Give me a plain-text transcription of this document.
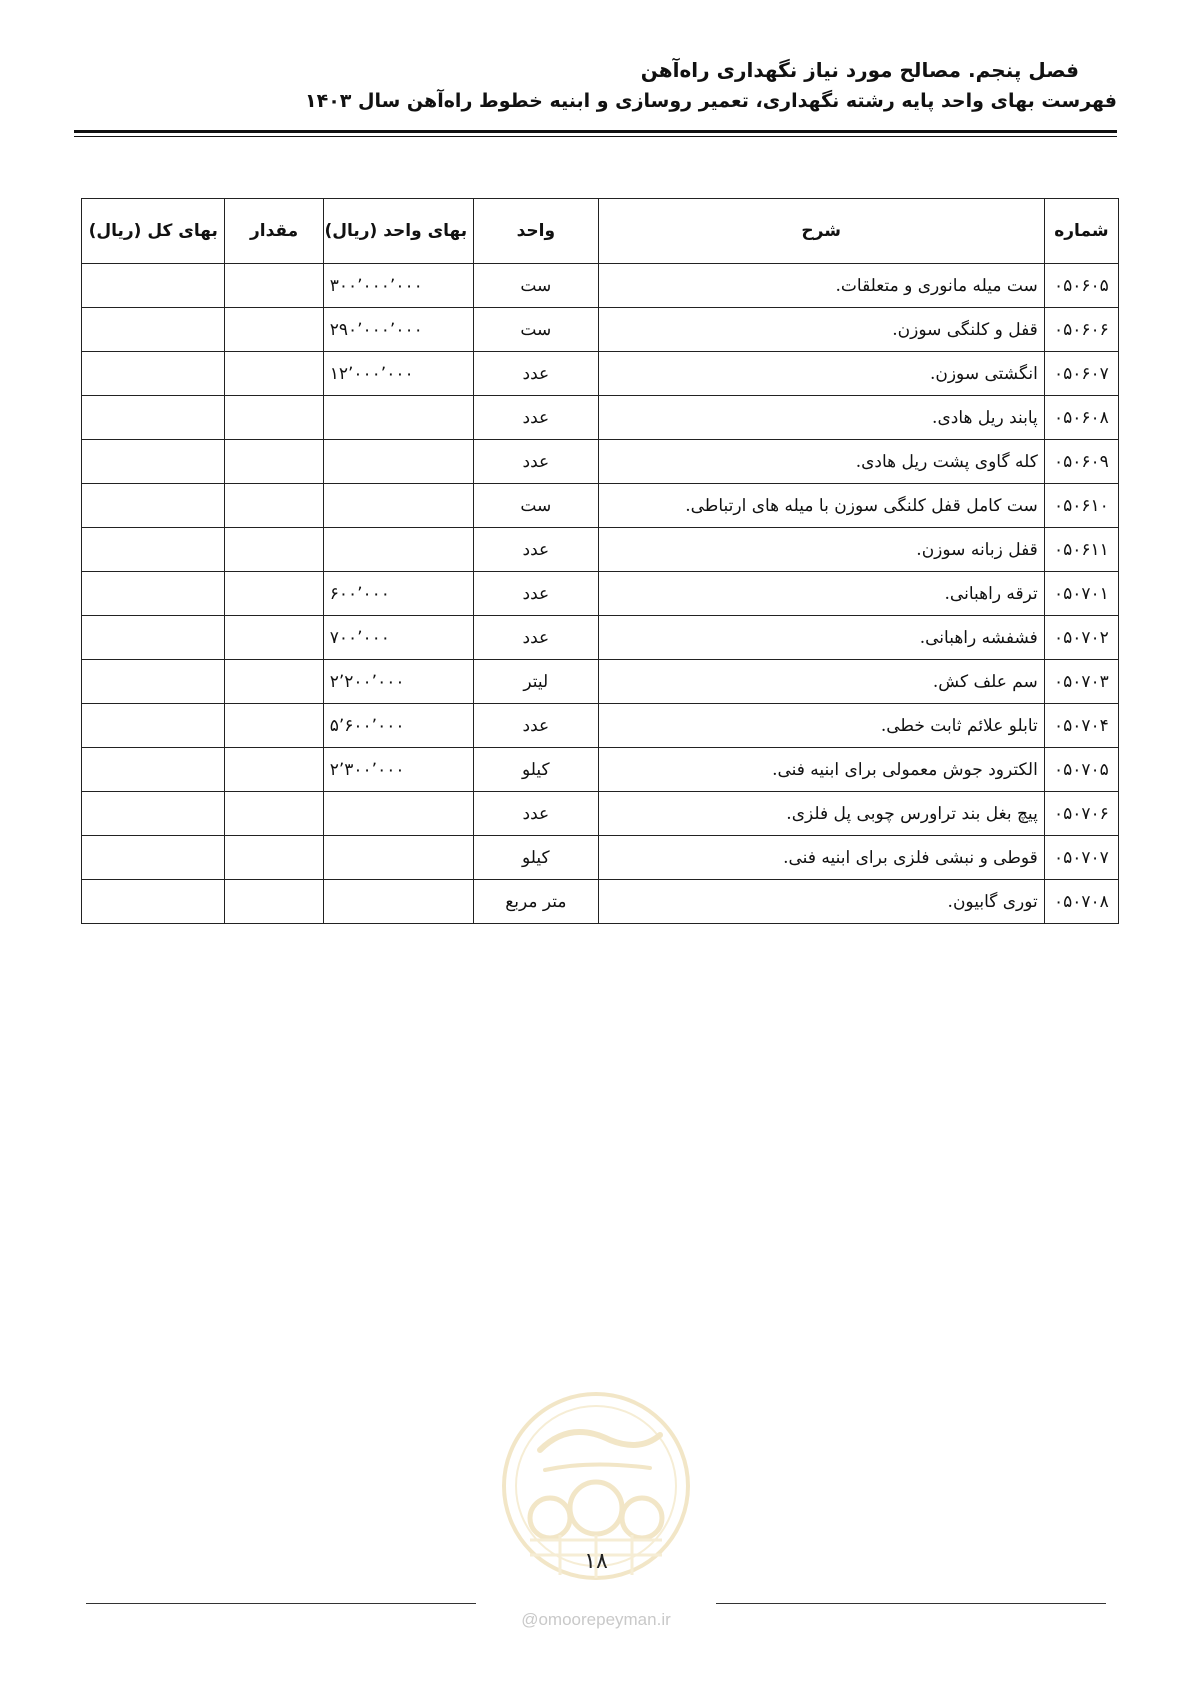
فصل پنجم. مصالح مورد نیاز نگهداری راه‌آهن
فهرست بهای واحد پایه رشته نگهداری، تعمیر روسازی و ابنیه خطوط راه‌آهن سال ۱۴۰۳
شماره	شرح	واحد	بهای واحد (ریال)	مقدار	بهای کل (ریال)
۰۵۰۶۰۵	ست میله مانوری و متعلقات.	ست	۳۰۰٬۰۰۰٬۰۰۰		
۰۵۰۶۰۶	قفل و کلنگی سوزن.	ست	۲۹۰٬۰۰۰٬۰۰۰		
۰۵۰۶۰۷	انگشتی سوزن.	عدد	۱۲٬۰۰۰٬۰۰۰		
۰۵۰۶۰۸	پابند ریل هادی.	عدد			
۰۵۰۶۰۹	کله گاوی پشت ریل هادی.	عدد			
۰۵۰۶۱۰	ست کامل قفل کلنگی سوزن با میله های ارتباطی.	ست			
۰۵۰۶۱۱	قفل زبانه سوزن.	عدد			
۰۵۰۷۰۱	ترقه راهبانی.	عدد	۶۰۰٬۰۰۰		
۰۵۰۷۰۲	فشفشه راهبانی.	عدد	۷۰۰٬۰۰۰		
۰۵۰۷۰۳	سم علف کش.	لیتر	۲٬۲۰۰٬۰۰۰		
۰۵۰۷۰۴	تابلو علائم ثابت خطی.	عدد	۵٬۶۰۰٬۰۰۰		
۰۵۰۷۰۵	الکترود جوش معمولی برای ابنیه فنی.	کیلو	۲٬۳۰۰٬۰۰۰		
۰۵۰۷۰۶	پیچ بغل بند تراورس چوبی پل فلزی.	عدد			
۰۵۰۷۰۷	قوطی و نبشی فلزی برای ابنیه فنی.	کیلو			
۰۵۰۷۰۸	توری گابیون.	متر مربع			
۱۸
@omoorepeyman.ir
